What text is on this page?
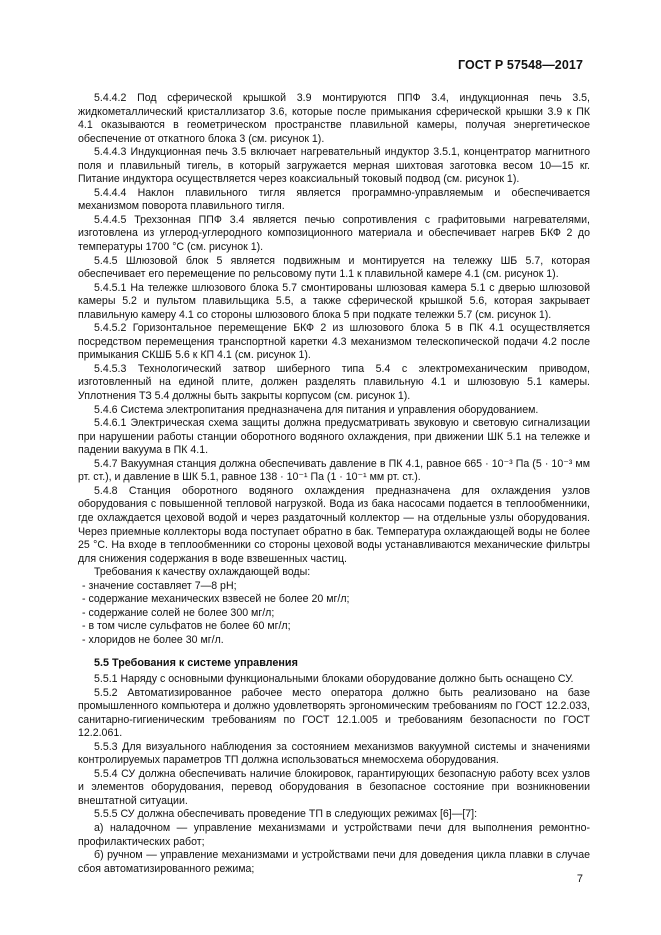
ГОСТ Р 57548—2017

5.4.4.2 Под сферической крышкой 3.9 монтируются ППФ 3.4, индукционная печь 3.5, жидкометаллический кристаллизатор 3.6, которые после примыкания сферической крышки 3.9 к ПК 4.1 оказываются в геометрическом пространстве плавильной камеры, получая энергетическое обеспечение от откатного блока 3 (см. рисунок 1).

5.4.4.3 Индукционная печь 3.5 включает нагревательный индуктор 3.5.1, концентратор магнитного поля и плавильный тигель, в который загружается мерная шихтовая заготовка весом 10—15 кг. Питание индуктора осуществляется через коаксиальный токовый подвод (см. рисунок 1).

5.4.4.4 Наклон плавильного тигля является программно-управляемым и обеспечивается механизмом поворота плавильного тигля.

5.4.4.5 Трехзонная ППФ 3.4 является печью сопротивления с графитовыми нагревателями, изготовлена из углерод-углеродного композиционного материала и обеспечивает нагрев БКФ 2 до температуры 1700 °С (см. рисунок 1).

5.4.5 Шлюзовой блок 5 является подвижным и монтируется на тележку ШБ 5.7, которая обеспечивает его перемещение по рельсовому пути 1.1 к плавильной камере 4.1 (см. рисунок 1).

5.4.5.1 На тележке шлюзового блока 5.7 смонтированы шлюзовая камера 5.1 с дверью шлюзовой камеры 5.2 и пультом плавильщика 5.5, а также сферической крышкой 5.6, которая закрывает плавильную камеру 4.1 со стороны шлюзового блока 5 при подкате тележки 5.7 (см. рисунок 1).

5.4.5.2 Горизонтальное перемещение БКФ 2 из шлюзового блока 5 в ПК 4.1 осуществляется посредством перемещения транспортной каретки 4.3 механизмом телескопической подачи 4.2 после примыкания СКШБ 5.6 к КП 4.1 (см. рисунок 1).

5.4.5.3 Технологический затвор шиберного типа 5.4 с электромеханическим приводом, изготовленный на единой плите, должен разделять плавильную 4.1 и шлюзовую 5.1 камеры. Уплотнения ТЗ 5.4 должны быть закрыты корпусом (см. рисунок 1).

5.4.6 Система электропитания предназначена для питания и управления оборудованием.

5.4.6.1 Электрическая схема защиты должна предусматривать звуковую и световую сигнализации при нарушении работы станции оборотного водяного охлаждения, при движении ШК 5.1 на тележке и падении вакуума в ПК 4.1.

5.4.7 Вакуумная станция должна обеспечивать давление в ПК 4.1, равное 665 · 10⁻³ Па (5 · 10⁻³ мм рт. ст.), и давление в ШК 5.1, равное 138 · 10⁻¹ Па (1 · 10⁻¹ мм рт. ст.).

5.4.8 Станция оборотного водяного охлаждения предназначена для охлаждения узлов оборудования с повышенной тепловой нагрузкой. Вода из бака насосами подается в теплообменники, где охлаждается цеховой водой и через раздаточный коллектор — на отдельные узлы оборудования. Через приемные коллекторы вода поступает обратно в бак. Температура охлаждающей воды не более 25 °С. На входе в теплообменники со стороны цеховой воды устанавливаются механические фильтры для снижения содержания в воде взвешенных частиц.

Требования к качеству охлаждающей воды:

- значение составляет 7—8 рН;
- содержание механических взвесей не более 20 мг/л;
- содержание солей не более 300 мг/л;
- в том числе сульфатов не более 60 мг/л;
- хлоридов не более 30 мг/л.

5.5 Требования к системе управления

5.5.1 Наряду с основными функциональными блоками оборудование должно быть оснащено СУ.

5.5.2 Автоматизированное рабочее место оператора должно быть реализовано на базе промышленного компьютера и должно удовлетворять эргономическим требованиям по ГОСТ 12.2.033, санитарно-гигиеническим требованиям по ГОСТ 12.1.005 и требованиям безопасности по ГОСТ 12.2.061.

5.5.3 Для визуального наблюдения за состоянием механизмов вакуумной системы и значениями контролируемых параметров ТП должна использоваться мнемосхема оборудования.

5.5.4 СУ должна обеспечивать наличие блокировок, гарантирующих безопасную работу всех узлов и элементов оборудования, перевод оборудования в безопасное состояние при возникновении внештатной ситуации.

5.5.5 СУ должна обеспечивать проведение ТП в следующих режимах [6]—[7]:

а) наладочном — управление механизмами и устройствами печи для выполнения ремонтно-профилактических работ;

б) ручном — управление механизмами и устройствами печи для доведения цикла плавки в случае сбоя автоматизированного режима;

7
